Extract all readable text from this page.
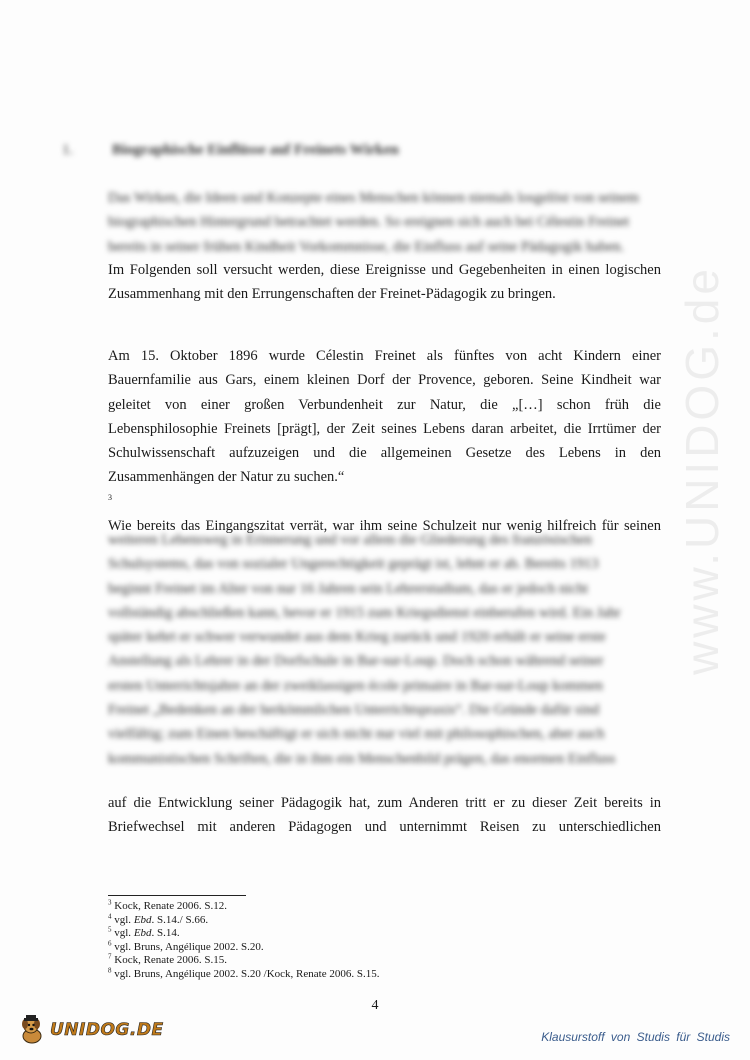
www.UNIDOG.de
1.	Biographische Einflüsse auf Freinets Wirken
Das Wirken, die Ideen und Konzepte eines Menschen können niemals losgelöst von seinem
biographischen Hintergrund betrachtet werden. So ereignen sich auch bei Célestin Freinet
bereits in seiner frühen Kindheit Vorkommnisse, die Einfluss auf seine Pädagogik haben.

Im Folgenden soll versucht werden, diese Ereignisse und Gegebenheiten in einen logischen
Zusammenhang mit den Errungenschaften der Freinet-Pädagogik zu bringen.

Am 15. Oktober 1896 wurde Célestin Freinet als fünftes von acht Kindern einer
Bauernfamilie aus Gars, einem kleinen Dorf der Provence, geboren. Seine Kindheit war
geleitet von einer großen Verbundenheit zur Natur, die „[…] schon früh die
Lebensphilosophie Freinets [prägt], der Zeit seines Lebens daran arbeitet, die Irrtümer der
Schulwissenschaft aufzuzeigen und die allgemeinen Gesetze des Lebens in den
Zusammenhängen der Natur zu suchen.“
$^3$
Wie bereits das Eingangszitat verrät, war ihm seine Schulzeit nur wenig hilfreich für seinen

weiteren Lebensweg in Erinnerung und vor allem die Gliederung des französischen
Schulsystems, das von sozialer Ungerechtigkeit geprägt ist, lehnt er ab. Bereits 1913
beginnt Freinet im Alter von nur 16 Jahren sein Lehrerstudium, das er jedoch nicht
vollständig abschließen kann, bevor er 1915 zum Kriegsdienst einberufen wird. Ein Jahr
später kehrt er schwer verwundet aus dem Krieg zurück und 1920 erhält er seine erste
Anstellung als Lehrer in der Dorfschule in Bar-sur-Loup. Doch schon während seiner
ersten Unterrichtsjahre an der zweiklassigen école primaire in Bar-sur-Loup kommen
Freinet „Bedenken an der herkömmlichen Unterrichtspraxis“. Die Gründe dafür sind
vielfältig; zum Einen beschäftigt er sich nicht nur viel mit philosophischen, aber auch
kommunistischen Schriften, die in ihm ein Menschenbild prägen, das enormen Einfluss

auf die Entwicklung seiner Pädagogik hat, zum Anderen tritt er zu dieser Zeit bereits in
Briefwechsel mit anderen Pädagogen und unternimmt Reisen zu unterschiedlichen

$^3$ Kock, Renate 2006. S.12.
$^4$ vgl. Ebd. S.14./ S.66.
$^5$ vgl. Ebd. S.14.
$^6$ vgl. Bruns, Angélique 2002. S.20.
$^7$ Kock, Renate 2006. S.15.
$^8$ vgl. Bruns, Angélique 2002. S.20 /Kock, Renate 2006. S.15.
4
UNIDOG.DE	Klausurstoff von Studis für Studis
